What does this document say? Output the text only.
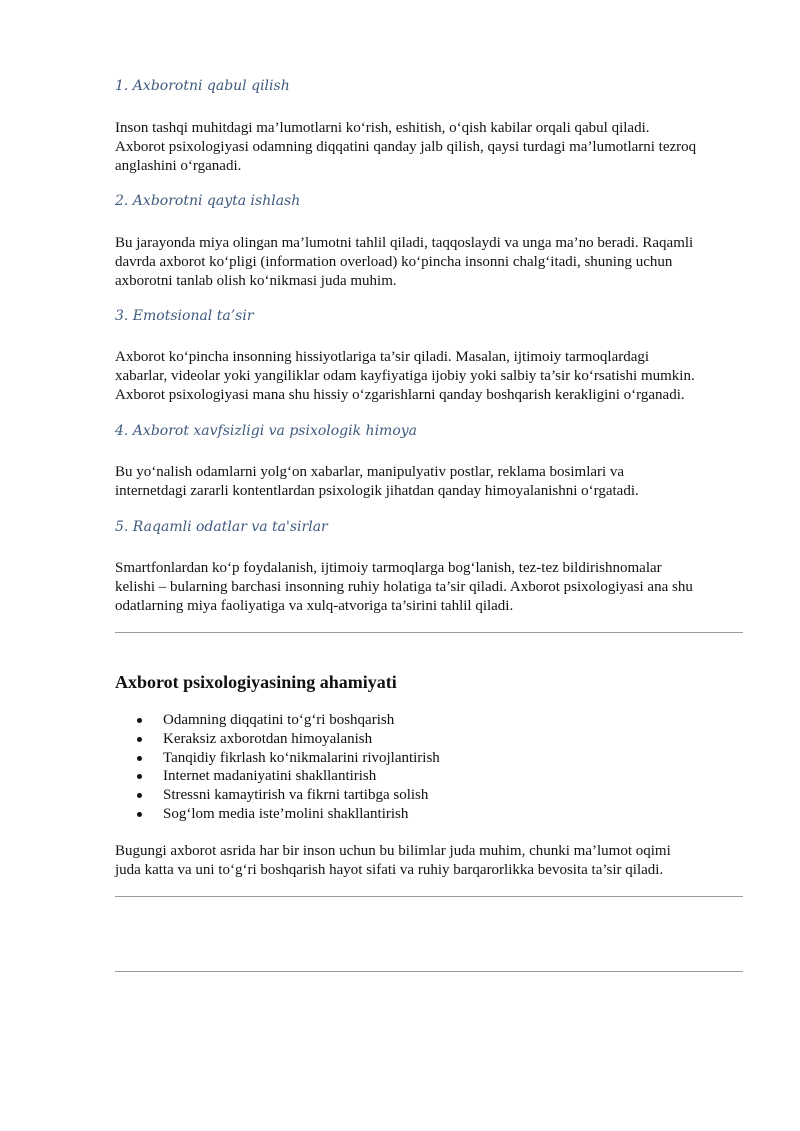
1. Axborotni qabul qilish
Inson tashqi muhitdagi ma’lumotlarni ko‘rish, eshitish, o‘qish kabilar orqali qabul qiladi.
Axborot psixologiyasi odamning diqqatini qanday jalb qilish, qaysi turdagi ma’lumotlarni tezroq
anglashini o‘rganadi.
2. Axborotni qayta ishlash
Bu jarayonda miya olingan ma’lumotni tahlil qiladi, taqqoslaydi va unga ma’no beradi. Raqamli
davrda axborot ko‘pligi (information overload) ko‘pincha insonni chalg‘itadi, shuning uchun
axborotni tanlab olish ko‘nikmasi juda muhim.
3. Emotsional ta’sir
Axborot ko‘pincha insonning hissiyotlariga ta’sir qiladi. Masalan, ijtimoiy tarmoqlardagi
xabarlar, videolar yoki yangiliklar odam kayfiyatiga ijobiy yoki salbiy ta’sir ko‘rsatishi mumkin.
Axborot psixologiyasi mana shu hissiy o‘zgarishlarni qanday boshqarish kerakligini o‘rganadi.
4. Axborot xavfsizligi va psixologik himoya
Bu yo‘nalish odamlarni yolg‘on xabarlar, manipulyativ postlar, reklama bosimlari va
internetdagi zararli kontentlardan psixologik jihatdan qanday himoyalanishni o‘rgatadi.
5. Raqamli odatlar va ta'sirlar
Smartfonlardan ko‘p foydalanish, ijtimoiy tarmoqlarga bog‘lanish, tez-tez bildirishnomalar
kelishi – bularning barchasi insonning ruhiy holatiga ta’sir qiladi. Axborot psixologiyasi ana shu
odatlarning miya faoliyatiga va xulq-atvoriga ta’sirini tahlil qiladi.
Axborot psixologiyasining ahamiyati
Odamning diqqatini to‘g‘ri boshqarish
Keraksiz axborotdan himoyalanish
Tanqidiy fikrlash ko‘nikmalarini rivojlantirish
Internet madaniyatini shakllantirish
Stressni kamaytirish va fikrni tartibga solish
Sog‘lom media iste’molini shakllantirish
Bugungi axborot asrida har bir inson uchun bu bilimlar juda muhim, chunki ma’lumot oqimi
juda katta va uni to‘g‘ri boshqarish hayot sifati va ruhiy barqarorlikka bevosita ta’sir qiladi.
